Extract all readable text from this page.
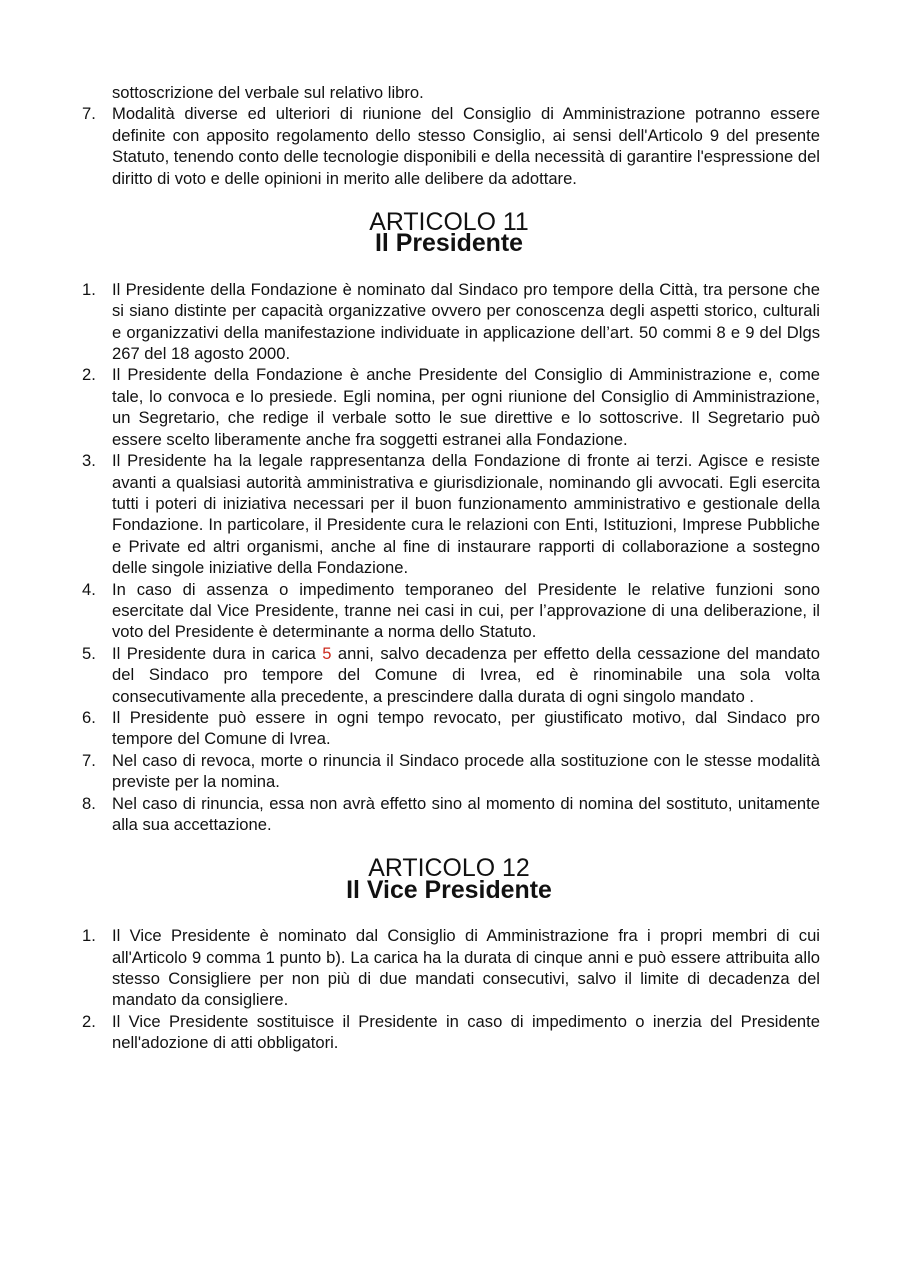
sottoscrizione del verbale sul relativo libro.

7. Modalità diverse ed ulteriori di riunione del Consiglio di Amministrazione potranno essere definite con apposito regolamento dello stesso Consiglio, ai sensi dell'Articolo 9 del presente Statuto, tenendo conto delle tecnologie disponibili e della necessità di garantire l'espressione del diritto di voto e delle opinioni in merito alle delibere da adottare.
ARTICOLO 11
Il Presidente
1. Il Presidente della Fondazione è nominato dal Sindaco pro tempore della Città, tra persone che si siano distinte per capacità organizzative ovvero per conoscenza degli aspetti storico, culturali e organizzativi della manifestazione individuate in applicazione dell’art. 50 commi 8 e 9 del Dlgs 267 del 18 agosto 2000.
2. Il Presidente della Fondazione è anche Presidente del Consiglio di Amministrazione e, come tale, lo convoca e lo presiede. Egli nomina, per ogni riunione del Consiglio di Amministrazione, un Segretario, che redige il verbale sotto le sue direttive e lo sottoscrive. Il Segretario può essere scelto liberamente anche fra soggetti estranei alla Fondazione.
3. Il Presidente ha la legale rappresentanza della Fondazione di fronte ai terzi. Agisce e resiste avanti a qualsiasi autorità amministrativa e giurisdizionale, nominando gli avvocati. Egli esercita tutti i poteri di iniziativa necessari per il buon funzionamento amministrativo e gestionale della Fondazione. In particolare, il Presidente cura le relazioni con Enti, Istituzioni, Imprese Pubbliche e Private ed altri organismi, anche al fine di instaurare rapporti di collaborazione a sostegno delle singole iniziative della Fondazione.
4. In caso di assenza o impedimento temporaneo del Presidente le relative funzioni sono esercitate dal Vice Presidente, tranne nei casi in cui, per l’approvazione di una deliberazione, il voto del Presidente è determinante a norma dello Statuto.
5. Il Presidente dura in carica 5 anni, salvo decadenza per effetto della cessazione del mandato del Sindaco pro tempore del Comune di Ivrea, ed è rinominabile una sola volta consecutivamente alla precedente, a prescindere dalla durata di ogni singolo mandato .
6. Il Presidente può essere in ogni tempo revocato, per giustificato motivo, dal Sindaco pro tempore del Comune di Ivrea.
7. Nel caso di revoca, morte o rinuncia il Sindaco procede alla sostituzione con le stesse modalità previste per la nomina.
8. Nel caso di rinuncia, essa non avrà effetto sino al momento di nomina del sostituto, unitamente alla sua accettazione.
ARTICOLO 12
Il Vice Presidente
1. Il Vice Presidente è nominato dal Consiglio di Amministrazione fra i propri membri di cui all'Articolo 9 comma 1 punto b). La carica ha la durata di cinque anni e può essere attribuita allo stesso Consigliere per non più di due mandati consecutivi, salvo il limite di decadenza del mandato da consigliere.
2. Il Vice Presidente sostituisce il Presidente in caso di impedimento o inerzia del Presidente nell'adozione di atti obbligatori.
